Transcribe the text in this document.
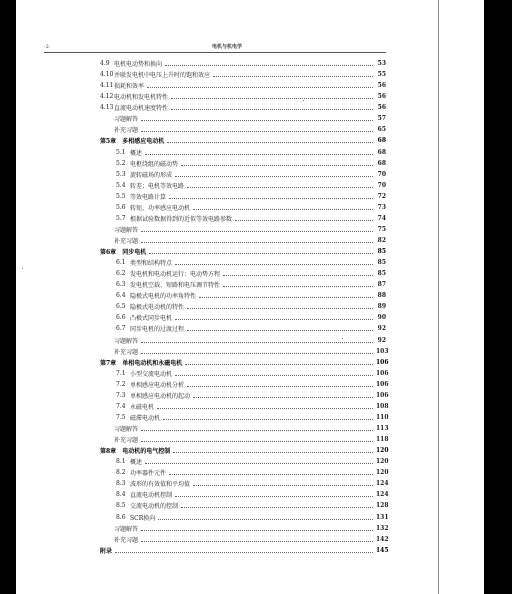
·2·	电机与机电学
4.9 电机电动势和换向	53
4.10 并联发电机中电压上升时的饱和效应	55
4.11 损耗和效率	56
4.12 电动机和发电机特性	56
4.13 直流电动机速度特性	56
习题解答	57
补充习题	65
第5章 多相感应电动机	68
5.1 概述	68
5.2 电枢绕组的磁动势	68
5.3 旋转磁场的形成	70
5.4 转差；电机等效电路	70
5.5 等效电路计算	72
5.6 转矩、功率感应电动机	73
5.7 根据试验数据得到的近似等效电路参数	74
习题解答	75
补充习题	82
第6章 同步电机	85
6.1 类型和结构特点	85
6.2 发电机和电动机运行：电动势方程	85
6.3 发电机空载、短路和电压调节特性	87
6.4 隐极式电机的功率角特性	88
6.5 隐极式电动机的特性	89
6.6 凸极式同步电机	90
6.7 同步电机的过渡过程	92
习题解答	92
补充习题	103
第7章 单相电动机和永磁电机	106
7.1 小型交流电动机	106
7.2 单相感应电动机分析	106
7.3 单相感应电动机的起动	106
7.4 永磁电机	108
7.5 磁滞电动机	110
习题解答	113
补充习题	118
第8章 电动机的电气控制	120
8.1 概述	120
8.2 功率器件元件	120
8.3 波形的有效值和平均值	124
8.4 直流电动机控制	124
8.5 交流电动机的控制	128
8.6 SCR换向	131
习题解答	132
补充习题	142
附录	145
